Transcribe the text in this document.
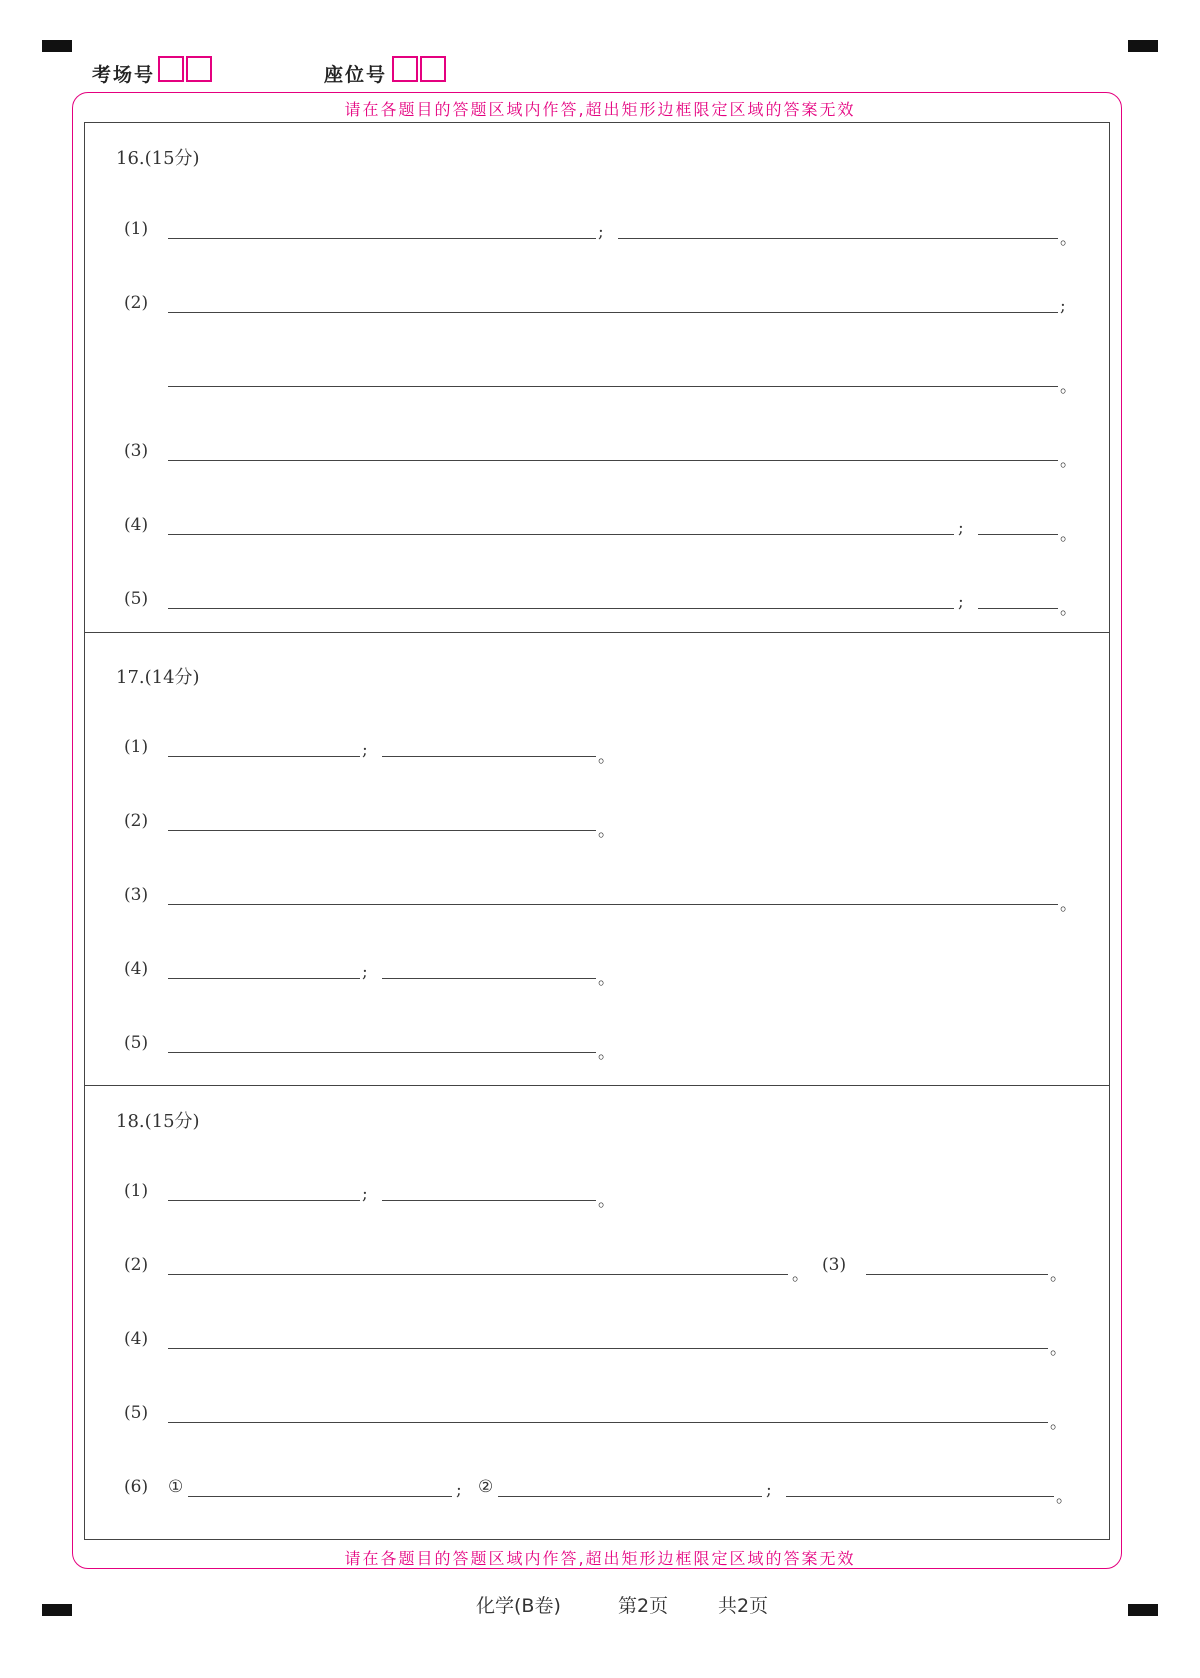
考场号	座位号
请在各题目的答题区域内作答,超出矩形边框限定区域的答案无效
请在各题目的答题区域内作答,超出矩形边框限定区域的答案无效
16.(15分)
(1)	;	。
(2)	;
。
(3)	。
(4)	;	。
(5)	;	。
17.(14分)
(1)	;	。
(2)	。
(3)	。
(4)	;	。
(5)	。
18.(15分)
(1)	;	。
(2)	。 (3)	。
(4)	。
(5)	。
(6) ①	; ②	;	。
化学(B卷)	第2页	共2页
